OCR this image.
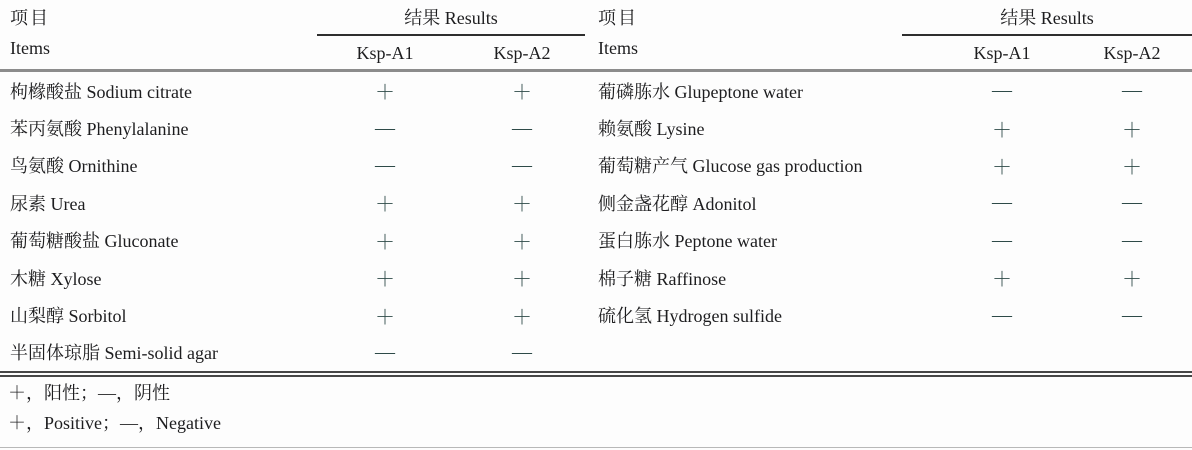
项目
Items
结果 Results
Ksp-A1	Ksp-A2
枸橼酸盐 Sodium citrate	＋	＋
苯丙氨酸 Phenylalanine	—	—
鸟氨酸 Ornithine	—	—
尿素 Urea	＋	＋
葡萄糖酸盐 Gluconate	＋	＋
木糖 Xylose	＋	＋
山梨醇 Sorbitol	＋	＋
半固体琼脂 Semi-solid agar	—	—
项目
Items
结果 Results
Ksp-A1	Ksp-A2
葡磷胨水 Glupeptone water	—	—
赖氨酸 Lysine	＋	＋
葡萄糖产气 Glucose gas production	＋	＋
侧金盏花醇 Adonitol	—	—
蛋白胨水 Peptone water	—	—
棉子糖 Raffinose	＋	＋
硫化氢 Hydrogen sulfide	—	—
＋，阳性；—，阴性
＋，Positive；—，Negative
